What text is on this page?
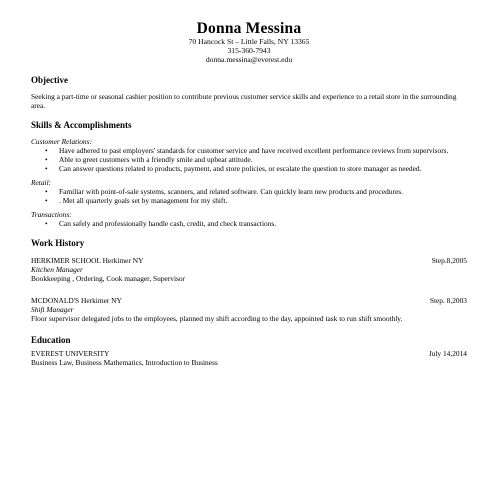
Donna Messina
70 Hancock St – Little Falls, NY 13365
315-360-7943
donna.messina@everest.edu
Objective
Seeking a part-time or seasonal cashier position to contribute previous customer service skills and experience to a retail store in the surrounding area.
Skills & Accomplishments
Customer Relations:
• Have adhered to past employers' standards for customer service and have received excellent performance reviews from supervisors.
• Able to greet customers with a friendly smile and upbeat attitude.
• Can answer questions related to products, payment, and store policies, or escalate the question to store manager as needed.
Retail:
• Familiar with point-of-sale systems, scanners, and related software. Can quickly learn new products and procedures.
• . Met all quarterly goals set by management for my shift.
Transactions:
• Can safely and professionally handle cash, credit, and check transactions.
Work History
HERKIMER SCHOOL Herkimer NY	Step.8,2005
Kitchen Manager
Bookkeeping , Ordering, Cook manager, Supervisor
MCDONALD'S Herkimer NY	Step. 8,2003
Shift Manager
Floor supervisor delegated jobs to the employees, planned my shift according to the day, appointed task to run shift smoothly.
Education
EVEREST UNIVERSITY	July 14,2014
Business Law, Business Mathematics, Introduction to Business
